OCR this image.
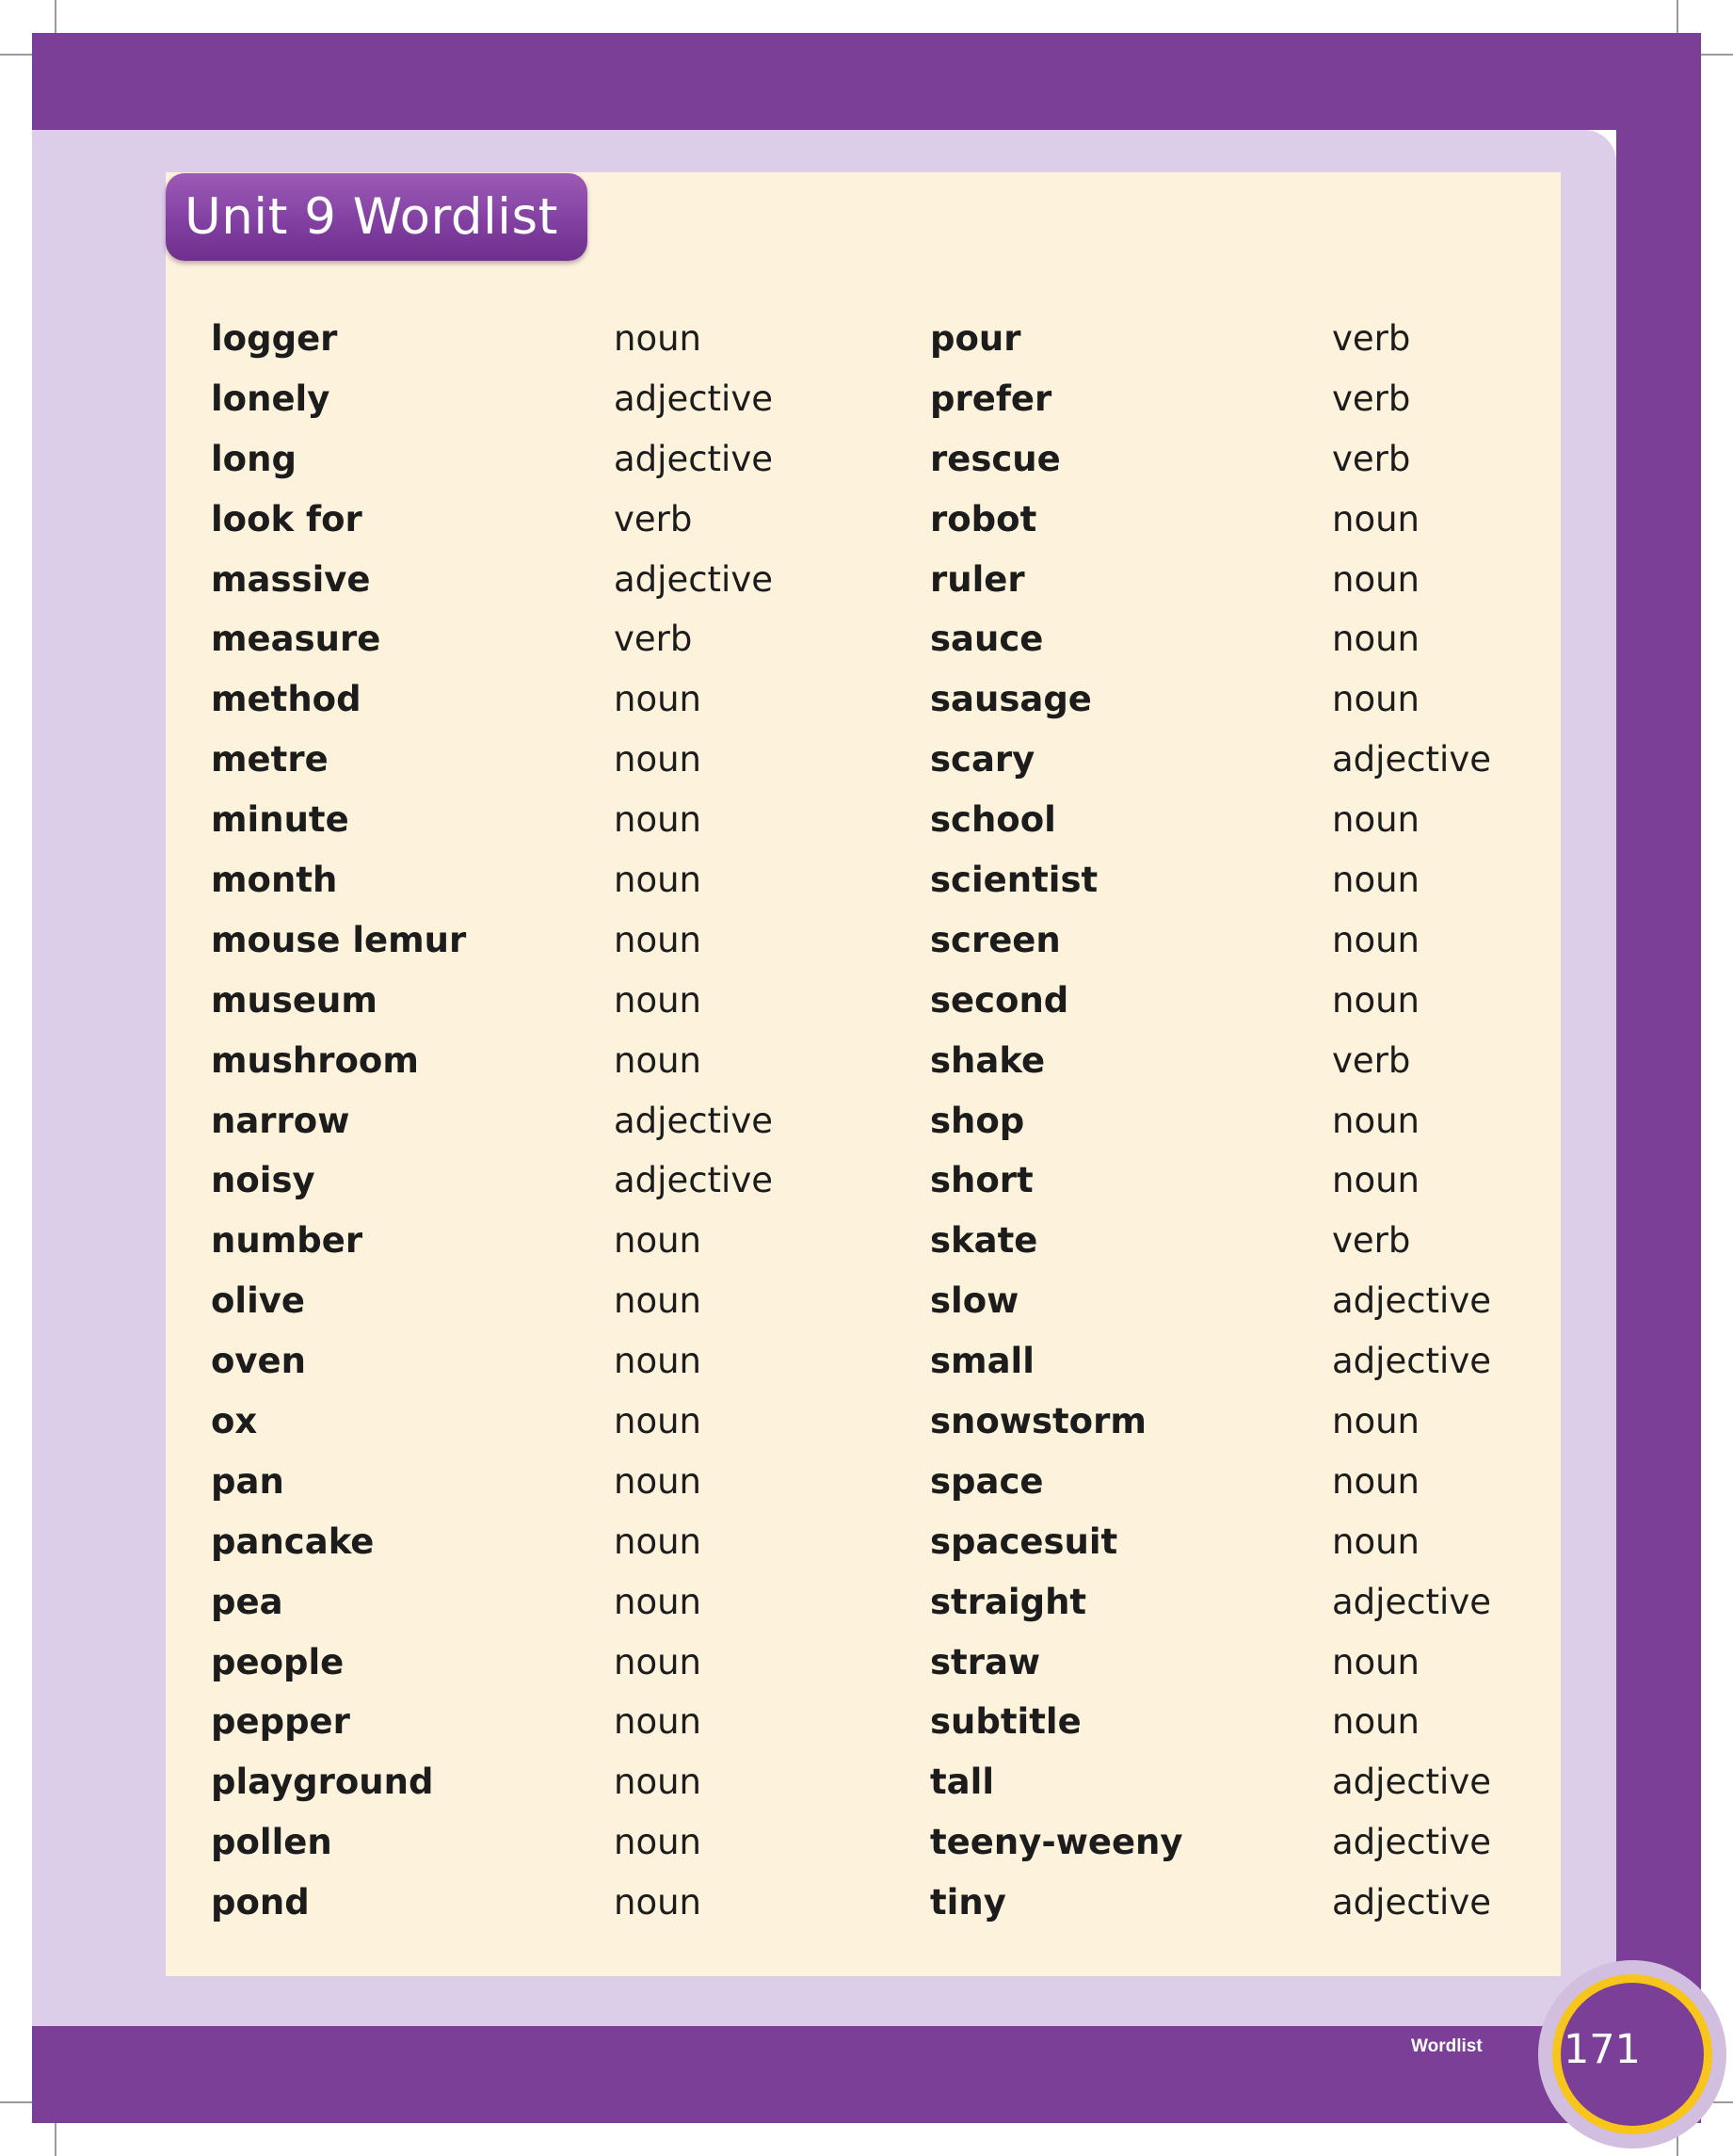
Unit 9 Wordlist
logger	noun	pour	verb
lonely	adjective	prefer	verb
long	adjective	rescue	verb
look for	verb	robot	noun
massive	adjective	ruler	noun
measure	verb	sauce	noun
method	noun	sausage	noun
metre	noun	scary	adjective
minute	noun	school	noun
month	noun	scientist	noun
mouse lemur	noun	screen	noun
museum	noun	second	noun
mushroom	noun	shake	verb
narrow	adjective	shop	noun
noisy	adjective	short	noun
number	noun	skate	verb
olive	noun	slow	adjective
oven	noun	small	adjective
ox	noun	snowstorm	noun
pan	noun	space	noun
pancake	noun	spacesuit	noun
pea	noun	straight	adjective
people	noun	straw	noun
pepper	noun	subtitle	noun
playground	noun	tall	adjective
pollen	noun	teeny-weeny	adjective
pond	noun	tiny	adjective
Wordlist 171
